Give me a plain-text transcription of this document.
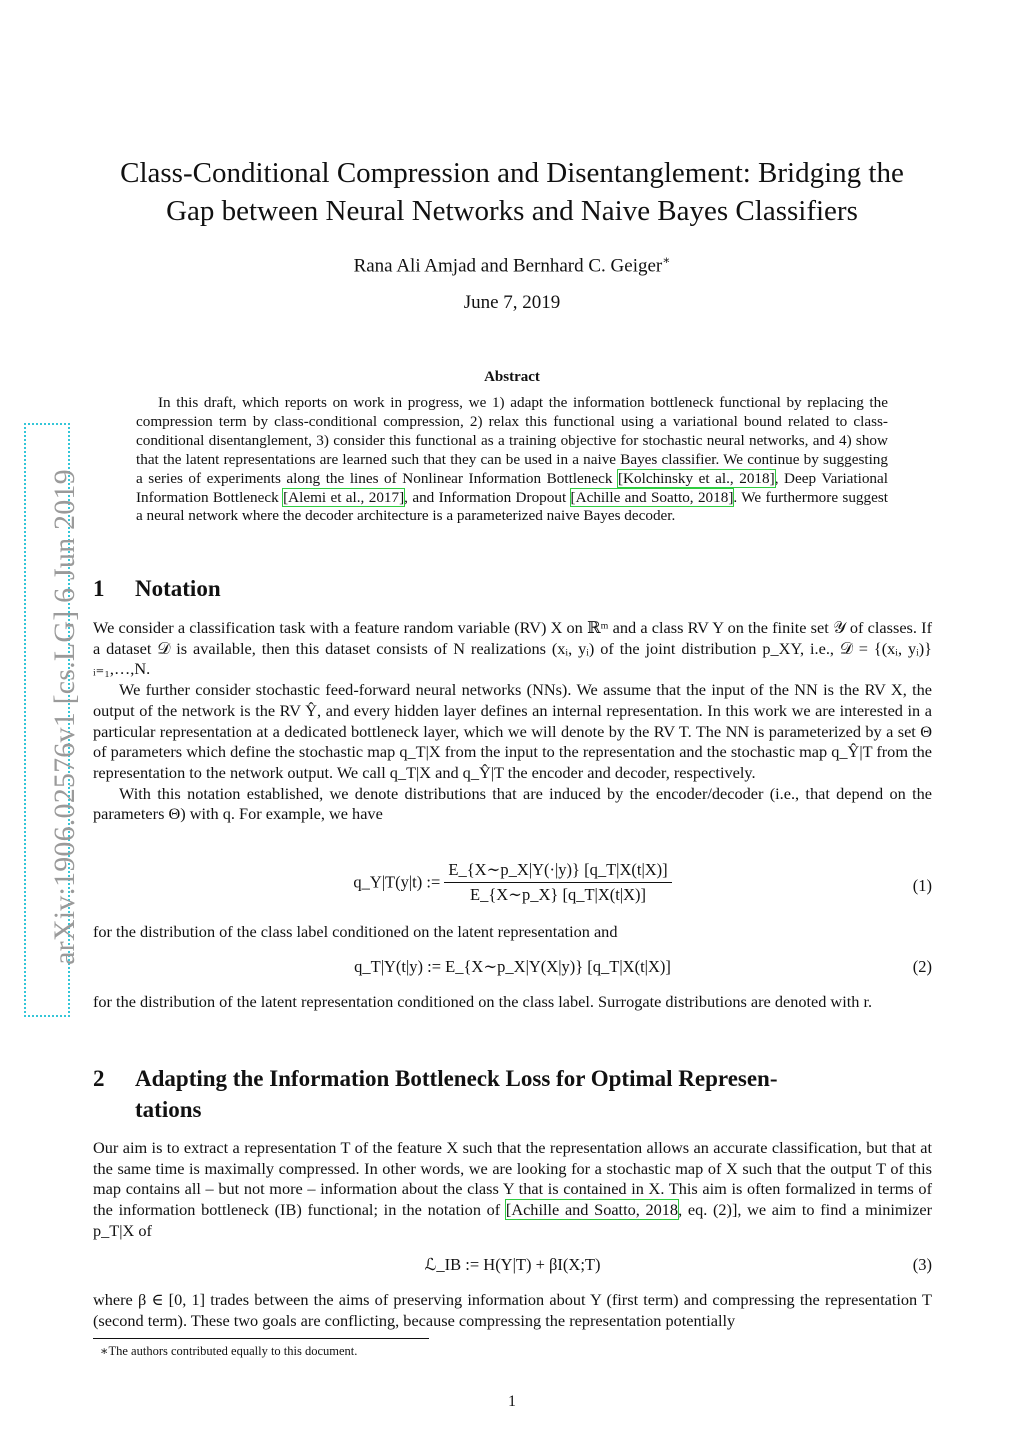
arXiv:1906.02576v1 [cs.LG] 6 Jun 2019
Class-Conditional Compression and Disentanglement: Bridging the
Gap between Neural Networks and Naive Bayes Classifiers
Rana Ali Amjad and Bernhard C. Geiger∗
June 7, 2019
Abstract

In this draft, which reports on work in progress, we 1) adapt the information bottleneck functional by replacing the compression term by class-conditional compression, 2) relax this functional using a variational bound related to class-conditional disentanglement, 3) consider this functional as a training objective for stochastic neural networks, and 4) show that the latent representations are learned such that they can be used in a naive Bayes classifier. We continue by suggesting a series of experiments along the lines of Nonlinear Information Bottleneck [Kolchinsky et al., 2018], Deep Variational Information Bottleneck [Alemi et al., 2017], and Information Dropout [Achille and Soatto, 2018]. We furthermore suggest a neural network where the decoder architecture is a parameterized naive Bayes decoder.

1 Notation

We consider a classification task with a feature random variable (RV) X on ℝᵐ and a class RV Y on the finite set 𝒴 of classes. If a dataset 𝒟 is available, then this dataset consists of N realizations (xᵢ, yᵢ) of the joint distribution p_XY, i.e., 𝒟 = {(xᵢ, yᵢ)}ᵢ₌₁,…,N.

We further consider stochastic feed-forward neural networks (NNs). We assume that the input of the NN is the RV X, the output of the network is the RV Ŷ, and every hidden layer defines an internal representation. In this work we are interested in a particular representation at a dedicated bottleneck layer, which we will denote by the RV T. The NN is parameterized by a set Θ of parameters which define the stochastic map q_T|X from the input to the representation and the stochastic map q_Ŷ|T from the representation to the network output. We call q_T|X and q_Ŷ|T the encoder and decoder, respectively.

With this notation established, we denote distributions that are induced by the encoder/decoder (i.e., that depend on the parameters Θ) with q. For example, we have

q_Y|T(y|t) := $\frac{E\_\{X\sim p\_X|Y(\cdot|y)\} [q\_T|X(t|X)]}{E\_\{X\sim p\_X\} [q\_T|X(t|X)]}$	(1)
for the distribution of the class label conditioned on the latent representation and
q_T|Y(t|y) := E_{X∼p_X|Y(X|y)} [q_T|X(t|X)]	(2)
for the distribution of the latent representation conditioned on the class label. Surrogate distributions are denoted with r.
2 Adapting the Information Bottleneck Loss for Optimal Represen-
tations

Our aim is to extract a representation T of the feature X such that the representation allows an accurate classification, but that at the same time is maximally compressed. In other words, we are looking for a stochastic map of X such that the output T of this map contains all – but not more – information about the class Y that is contained in X. This aim is often formalized in terms of the information bottleneck (IB) functional; in the notation of [Achille and Soatto, 2018, eq. (2)], we aim to find a minimizer p_T|X of

ℒ_IB := H(Y|T) + βI(X;T)	(3)
where β ∈ [0, 1] trades between the aims of preserving information about Y (first term) and compressing the representation T (second term). These two goals are conflicting, because compressing the representation potentially
∗The authors contributed equally to this document.
1
